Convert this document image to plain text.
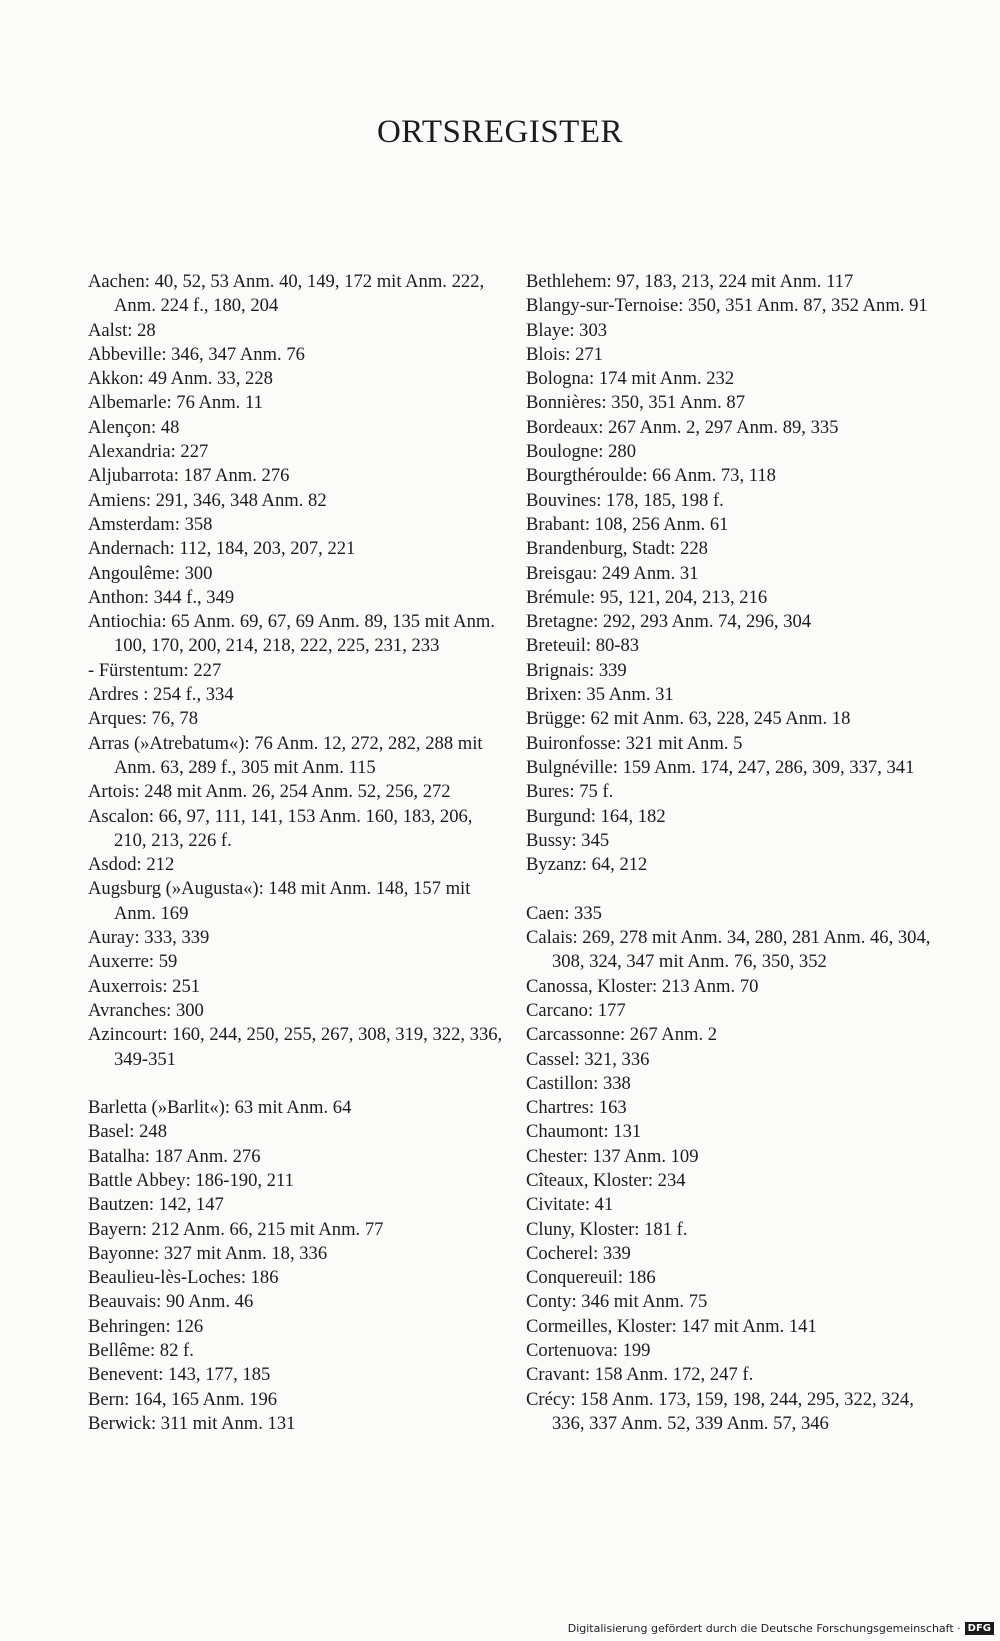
ORTSREGISTER
Aachen: 40, 52, 53 Anm. 40, 149, 172 mit Anm. 222, Anm. 224 f., 180, 204
Aalst: 28
Abbeville: 346, 347 Anm. 76
Akkon: 49 Anm. 33, 228
Albemarle: 76 Anm. 11
Alençon: 48
Alexandria: 227
Aljubarrota: 187 Anm. 276
Amiens: 291, 346, 348 Anm. 82
Amsterdam: 358
Andernach: 112, 184, 203, 207, 221
Angoulême: 300
Anthon: 344 f., 349
Antiochia: 65 Anm. 69, 67, 69 Anm. 89, 135 mit Anm. 100, 170, 200, 214, 218, 222, 225, 231, 233
- Fürstentum: 227
Ardres : 254 f., 334
Arques: 76, 78
Arras (»Atrebatum«): 76 Anm. 12, 272, 282, 288 mit Anm. 63, 289 f., 305 mit Anm. 115
Artois: 248 mit Anm. 26, 254 Anm. 52, 256, 272
Ascalon: 66, 97, 111, 141, 153 Anm. 160, 183, 206, 210, 213, 226 f.
Asdod: 212
Augsburg (»Augusta«): 148 mit Anm. 148, 157 mit Anm. 169
Auray: 333, 339
Auxerre: 59
Auxerrois: 251
Avranches: 300
Azincourt: 160, 244, 250, 255, 267, 308, 319, 322, 336, 349-351
Barletta (»Barlit«): 63 mit Anm. 64
Basel: 248
Batalha: 187 Anm. 276
Battle Abbey: 186-190, 211
Bautzen: 142, 147
Bayern: 212 Anm. 66, 215 mit Anm. 77
Bayonne: 327 mit Anm. 18, 336
Beaulieu-lès-Loches: 186
Beauvais: 90 Anm. 46
Behringen: 126
Bellême: 82 f.
Benevent: 143, 177, 185
Bern: 164, 165 Anm. 196
Berwick: 311 mit Anm. 131
Bethlehem: 97, 183, 213, 224 mit Anm. 117
Blangy-sur-Ternoise: 350, 351 Anm. 87, 352 Anm. 91
Blaye: 303
Blois: 271
Bologna: 174 mit Anm. 232
Bonnières: 350, 351 Anm. 87
Bordeaux: 267 Anm. 2, 297 Anm. 89, 335
Boulogne: 280
Bourgthéroulde: 66 Anm. 73, 118
Bouvines: 178, 185, 198 f.
Brabant: 108, 256 Anm. 61
Brandenburg, Stadt: 228
Breisgau: 249 Anm. 31
Brémule: 95, 121, 204, 213, 216
Bretagne: 292, 293 Anm. 74, 296, 304
Breteuil: 80-83
Brignais: 339
Brixen: 35 Anm. 31
Brügge: 62 mit Anm. 63, 228, 245 Anm. 18
Buironfosse: 321 mit Anm. 5
Bulgnéville: 159 Anm. 174, 247, 286, 309, 337, 341
Bures: 75 f.
Burgund: 164, 182
Bussy: 345
Byzanz: 64, 212
Caen: 335
Calais: 269, 278 mit Anm. 34, 280, 281 Anm. 46, 304, 308, 324, 347 mit Anm. 76, 350, 352
Canossa, Kloster: 213 Anm. 70
Carcano: 177
Carcassonne: 267 Anm. 2
Cassel: 321, 336
Castillon: 338
Chartres: 163
Chaumont: 131
Chester: 137 Anm. 109
Cîteaux, Kloster: 234
Civitate: 41
Cluny, Kloster: 181 f.
Cocherel: 339
Conquereuil: 186
Conty: 346 mit Anm. 75
Cormeilles, Kloster: 147 mit Anm. 141
Cortenuova: 199
Cravant: 158 Anm. 172, 247 f.
Crécy: 158 Anm. 173, 159, 198, 244, 295, 322, 324, 336, 337 Anm. 52, 339 Anm. 57, 346
Digitalisierung gefördert durch die Deutsche Forschungsgemeinschaft · DFG
